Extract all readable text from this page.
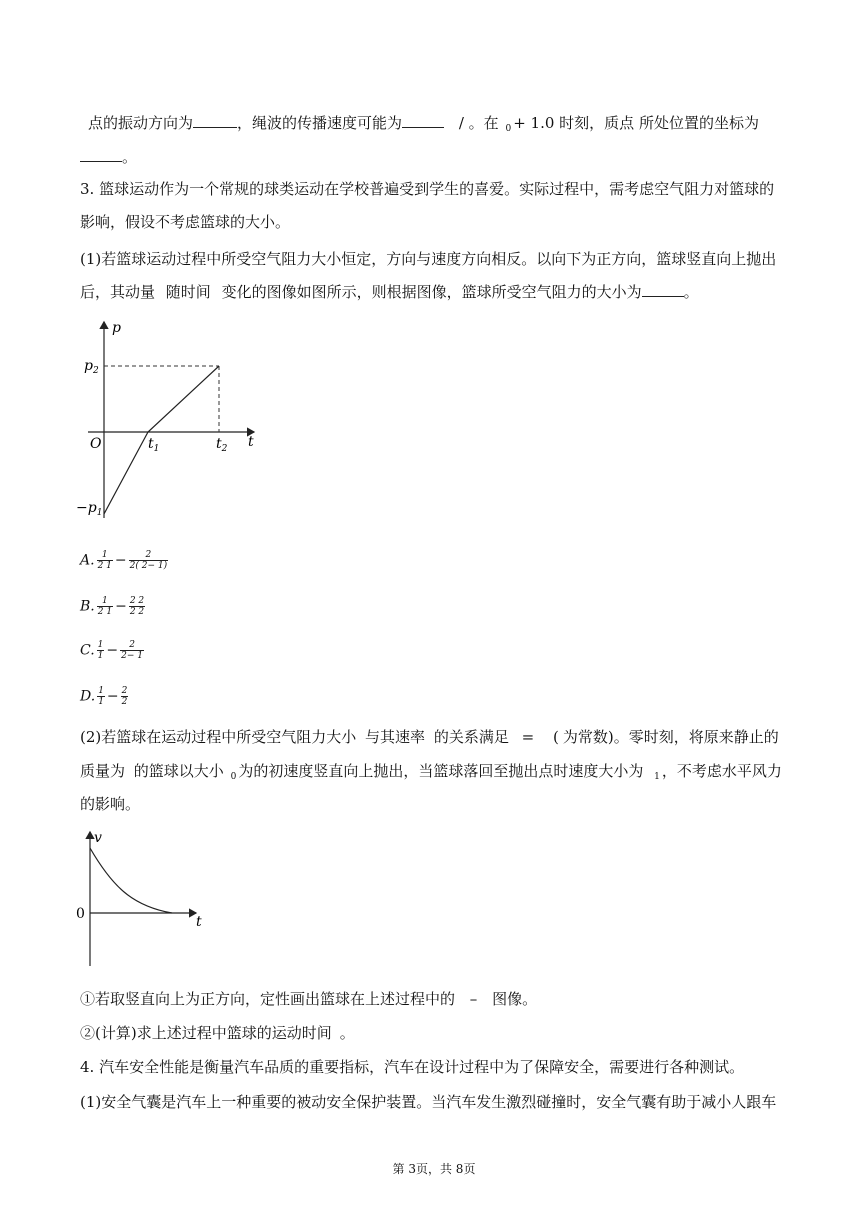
点的振动方向为	，绳波的传播速度可能为	/ 。在 $_0$ + 1.0 时刻，质点 所处位置的坐标为
。
3. 篮球运动作为一个常规的球类运动在学校普遍受到学生的喜爱。实际过程中，需考虑空气阻力对篮球的
影响，假设不考虑篮球的大小。
(1)若篮球运动过程中所受空气阻力大小恒定，方向与速度方向相反。以向下为正方向，篮球竖直向上抛出
后，其动量 随时间 变化的图像如图所示，则根据图像，篮球所受空气阻力的大小为	。
p
t
O
$p_2$
$-p_1$
$t_1$	$t_2$
A. $\frac{1}{2 1} - \frac{2}{2( 2- 1)}$
B. $\frac{1}{2 1} - \frac{2 2}{2 2}$
C. $\frac{1}{1} - \frac{2}{2- 1}$
D. $\frac{1}{1} - \frac{2}{2}$
(2)若篮球在运动过程中所受空气阻力大小 与其速率 的关系满足 = ( 为常数)。零时刻，将原来静止的
质量为 的篮球以大小 $_0$ 为的初速度竖直向上抛出，当篮球落回至抛出点时速度大小为 $_1$ ，不考虑水平风力
的影响。
v
t
0
①若取竖直向上为正方向，定性画出篮球在上述过程中的 – 图像。
②(计算)求上述过程中篮球的运动时间 。
4. 汽车安全性能是衡量汽车品质的重要指标，汽车在设计过程中为了保障安全，需要进行各种测试。
(1)安全气囊是汽车上一种重要的被动安全保护装置。当汽车发生激烈碰撞时，安全气囊有助于减小人跟车
第 3页，共 8页
